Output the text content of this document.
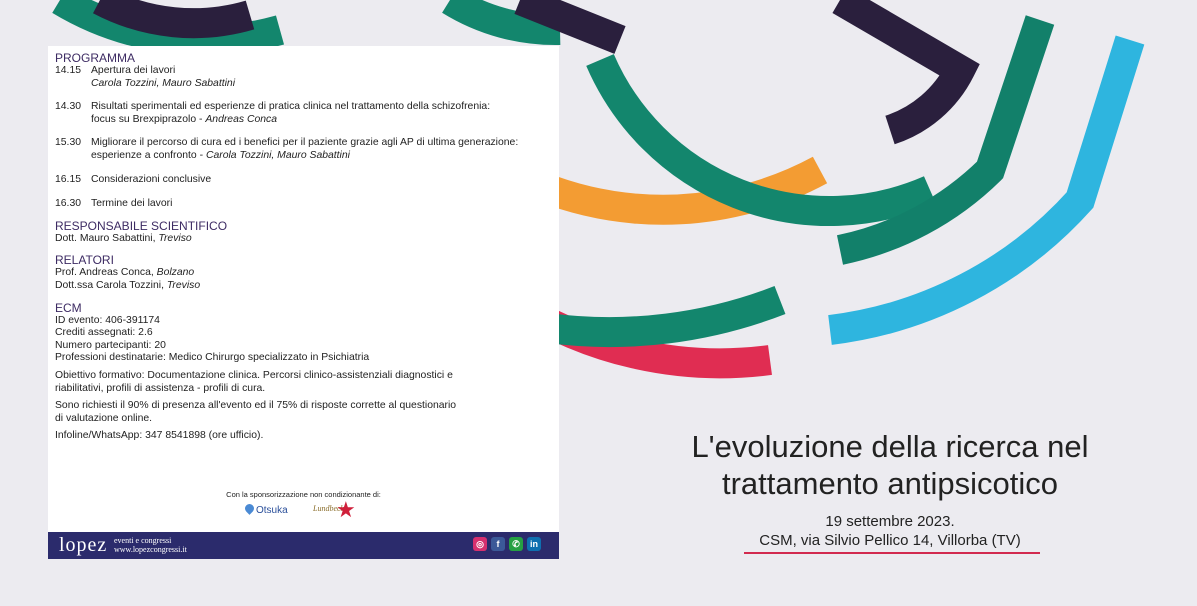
PROGRAMMA
14.15 Apertura dei lavori
Carola Tozzini, Mauro Sabattini
14.30 Risultati sperimentali ed esperienze di pratica clinica nel trattamento della schizofrenia:
focus su Brexpiprazolo - Andreas Conca
15.30 Migliorare il percorso di cura ed i benefici per il paziente grazie agli AP di ultima generazione:
esperienze a confronto - Carola Tozzini, Mauro Sabattini
16.15 Considerazioni conclusive
16.30 Termine dei lavori
RESPONSABILE SCIENTIFICO
Dott. Mauro Sabattini, Treviso
RELATORI
Prof. Andreas Conca, Bolzano
Dott.ssa Carola Tozzini, Treviso
ECM
ID evento: 406-391174
Crediti assegnati: 2.6
Numero partecipanti: 20
Professioni destinatarie: Medico Chirurgo specializzato in Psichiatria
Obiettivo formativo: Documentazione clinica. Percorsi clinico-assistenziali diagnostici e
riabilitativi, profili di assistenza - profili di cura.
Sono richiesti il 90% di presenza all'evento ed il 75% di risposte corrette al questionario
di valutazione online.
Infoline/WhatsApp: 347 8541898 (ore ufficio).
Con la sponsorizzazione non condizionante di:
Otsuka	Lundbeck
★
lopez eventi e congressi
www.lopezcongressi.it
◎	f	✆	in
L'evoluzione della ricerca nel
trattamento antipsicotico
19 settembre 2023.
CSM, via Silvio Pellico 14, Villorba (TV)
